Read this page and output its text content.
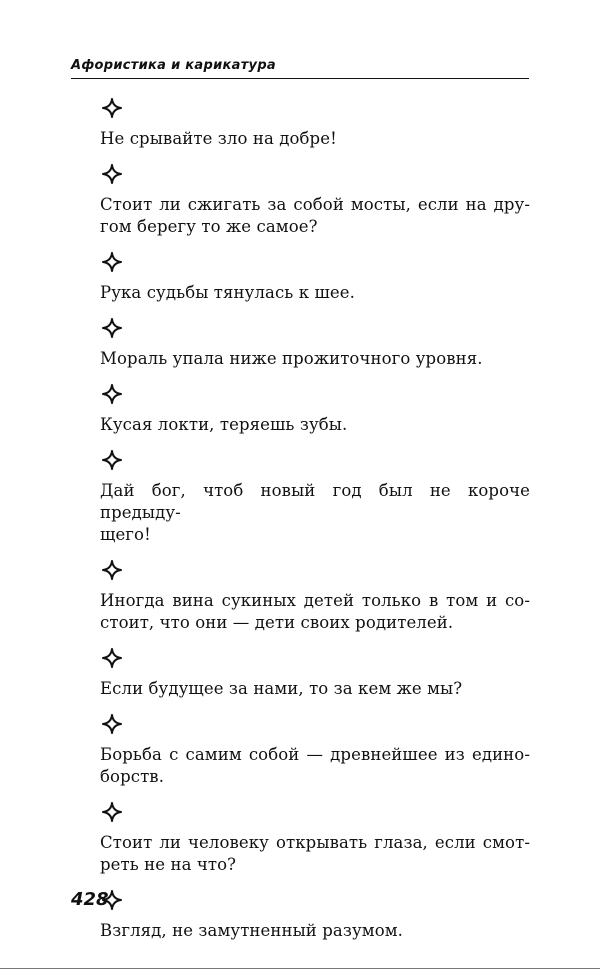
Афористика и карикатура
Не срывайте зло на добре!
Стоит ли сжигать за собой мосты, если на дру-
гом берегу то же самое?
Рука судьбы тянулась к шее.
Мораль упала ниже прожиточного уровня.
Кусая локти, теряешь зубы.
Дай бог, чтоб новый год был не короче предыду-
щего!
Иногда вина сукиных детей только в том и со-
стоит, что они — дети своих родителей.
Если будущее за нами, то за кем же мы?
Борьба с самим собой — древнейшее из едино-
борств.
Стоит ли человеку открывать глаза, если смот-
реть не на что?
Взгляд, не замутненный разумом.
428
